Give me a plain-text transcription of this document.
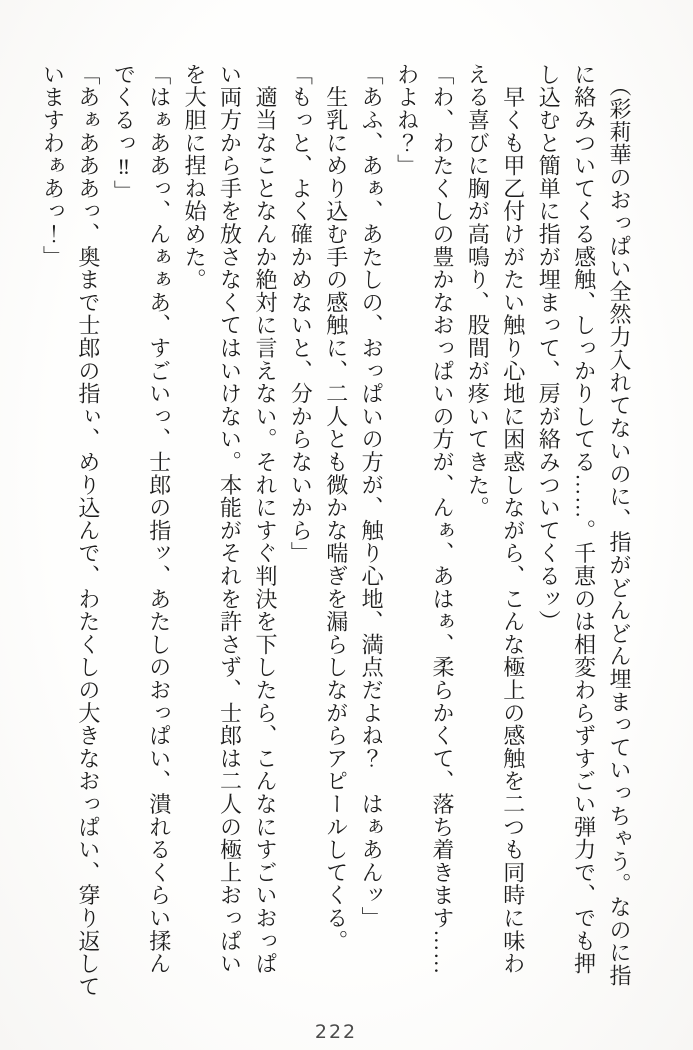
　（彩莉華のおっぱい全然力入れてないのに、指がどんどん埋まっていっちゃう。なのに指

に絡みついてくる感触、しっかりしてる……。千恵のは相変わらずすごい弾力で、でも押

し込むと簡単に指が埋まって、房が絡みついてくるッ）

　早くも甲乙付けがたい触り心地に困惑しながら、こんな極上の感触を二つも同時に味わ

える喜びに胸が高鳴り、股間が疼いてきた。

「わ、わたくしの豊かなおっぱいの方が、んぁ、あはぁ、柔らかくて、落ち着きます……

わよね？」

「あふ、あぁ、あたしの、おっぱいの方が、触り心地、満点だよね？　はぁあんッ」

　生乳にめり込む手の感触に、二人とも微かな喘ぎを漏らしながらアピールしてくる。

「もっと、よく確かめないと、分からないから」

　適当なことなんか絶対に言えない。それにすぐ判決を下したら、こんなにすごいおっぱ

い両方から手を放さなくてはいけない。本能がそれを許さず、士郎は二人の極上おっぱい

を大胆に捏ね始めた。

「はぁああっ、んぁぁあ、すごいっ、士郎の指ッ、あたしのおっぱい、潰れるくらい揉ん

でくるっ‼」

「あぁあああっ、奥まで士郎の指ぃ、めり込んで、わたくしの大きなおっぱい、穿り返して

いますわぁあっ！」

222
